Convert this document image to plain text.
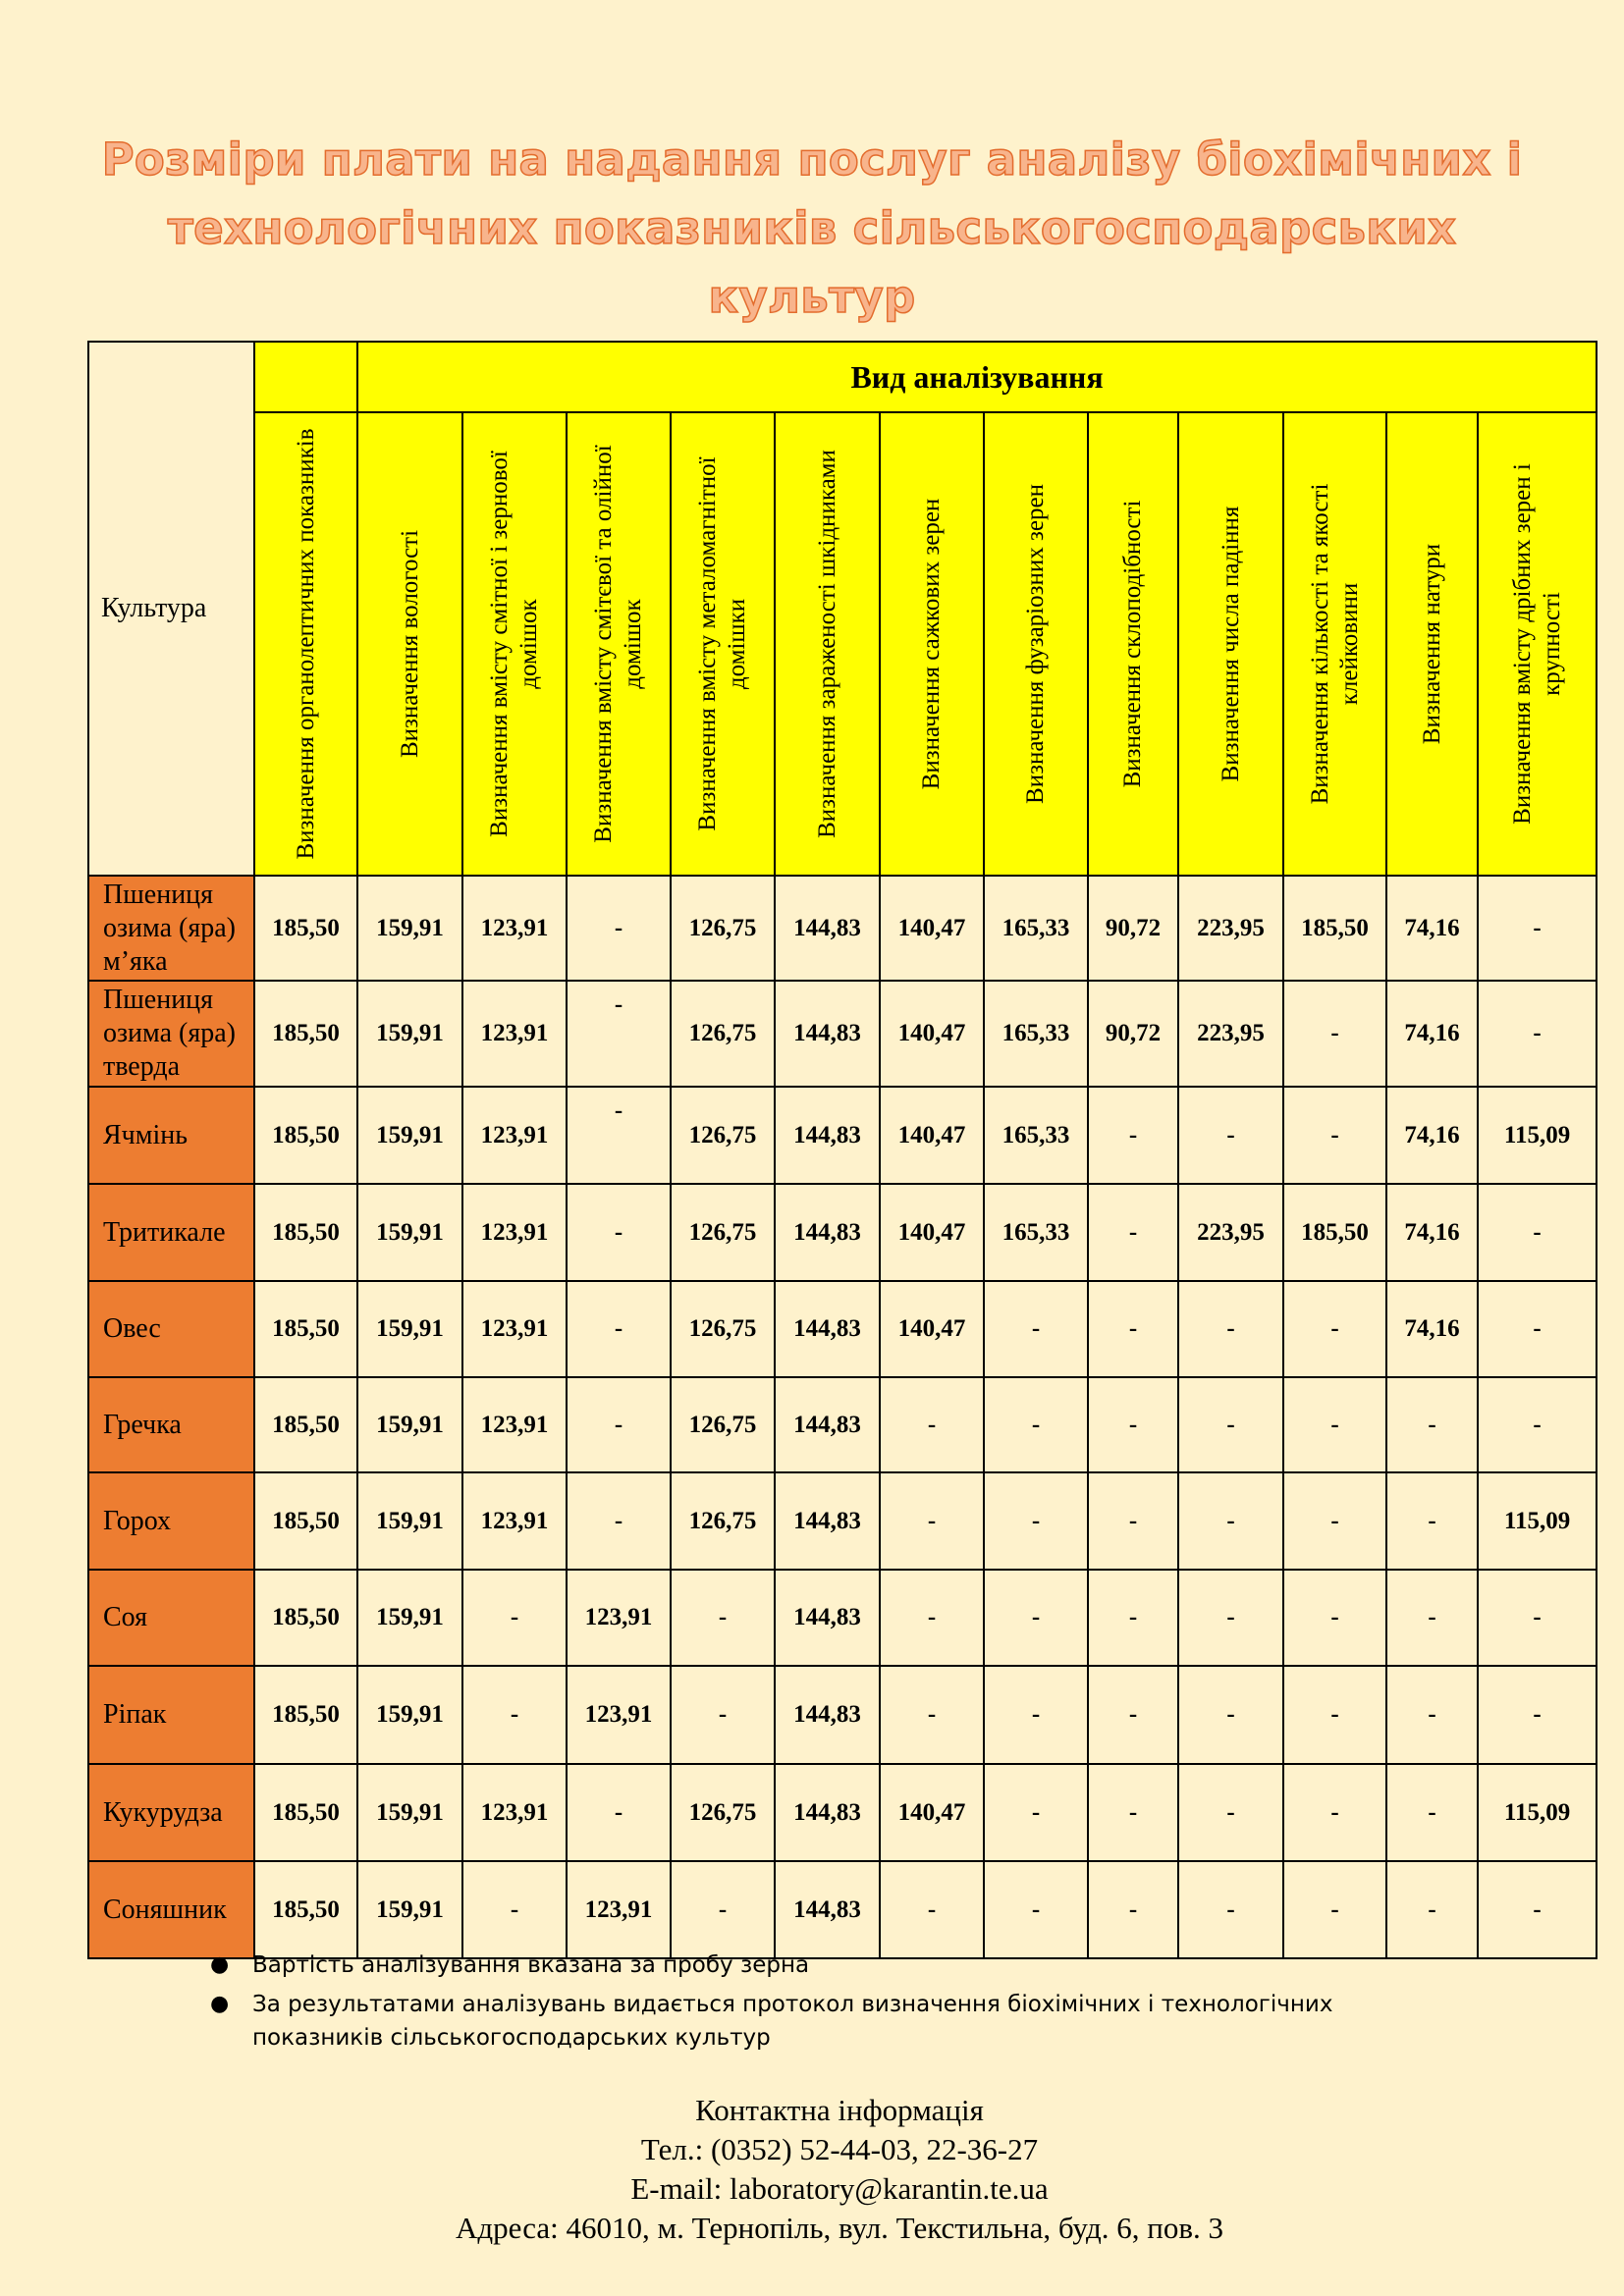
Розміри плати на надання послуг аналізу біохімічних і
технологічних показників сільськогосподарських
культур
Культура		Вид аналізування											

	Визначення органолептичних показників	Визначення вологості	Визначення вмісту смітної і зернової домішок	Визначення вмісту смітєвої та олійної домішок	Визначення вмісту металомагнітної домішки	Визначення зараженості шкідниками	Визначення сажкових зерен	Визначення фузаріозних зерен	Визначення склоподібності	Визначення числа падіння	Визначення кількості та якості клейковини	Визначення натури	Визначення вмісту дрібних зерен і крупності

Пшениця озима (яра) м’яка	185,50	159,91	123,91	-	126,75	144,83	140,47	165,33	90,72	223,95	185,50	74,16	-
Пшениця озима (яра) тверда	185,50	159,91	123,91	-	126,75	144,83	140,47	165,33	90,72	223,95	-	74,16	-
Ячмінь	185,50	159,91	123,91	-	126,75	144,83	140,47	165,33	-	-	-	74,16	115,09
Тритикале	185,50	159,91	123,91	-	126,75	144,83	140,47	165,33	-	223,95	185,50	74,16	-
Овес	185,50	159,91	123,91	-	126,75	144,83	140,47	-	-	-	-	74,16	-
Гречка	185,50	159,91	123,91	-	126,75	144,83	-	-	-	-	-	-	-
Горох	185,50	159,91	123,91	-	126,75	144,83	-	-	-	-	-	-	115,09
Соя	185,50	159,91	-	123,91	-	144,83	-	-	-	-	-	-	-
Ріпак	185,50	159,91	-	123,91	-	144,83	-	-	-	-	-	-	-
Кукурудза	185,50	159,91	123,91	-	126,75	144,83	140,47	-	-	-	-	-	115,09
Соняшник	185,50	159,91	-	123,91	-	144,83	-	-	-	-	-	-	-
● Вартість аналізування вказана за пробу зерна
● За результатами аналізувань видається протокол визначення біохімічних і технологічних показників сільськогосподарських культур
Контактна інформація
Тел.: (0352) 52-44-03, 22-36-27
E-mail: laboratory@karantin.te.ua
Адреса: 46010, м. Тернопіль, вул. Текстильна, буд. 6, пов. 3
